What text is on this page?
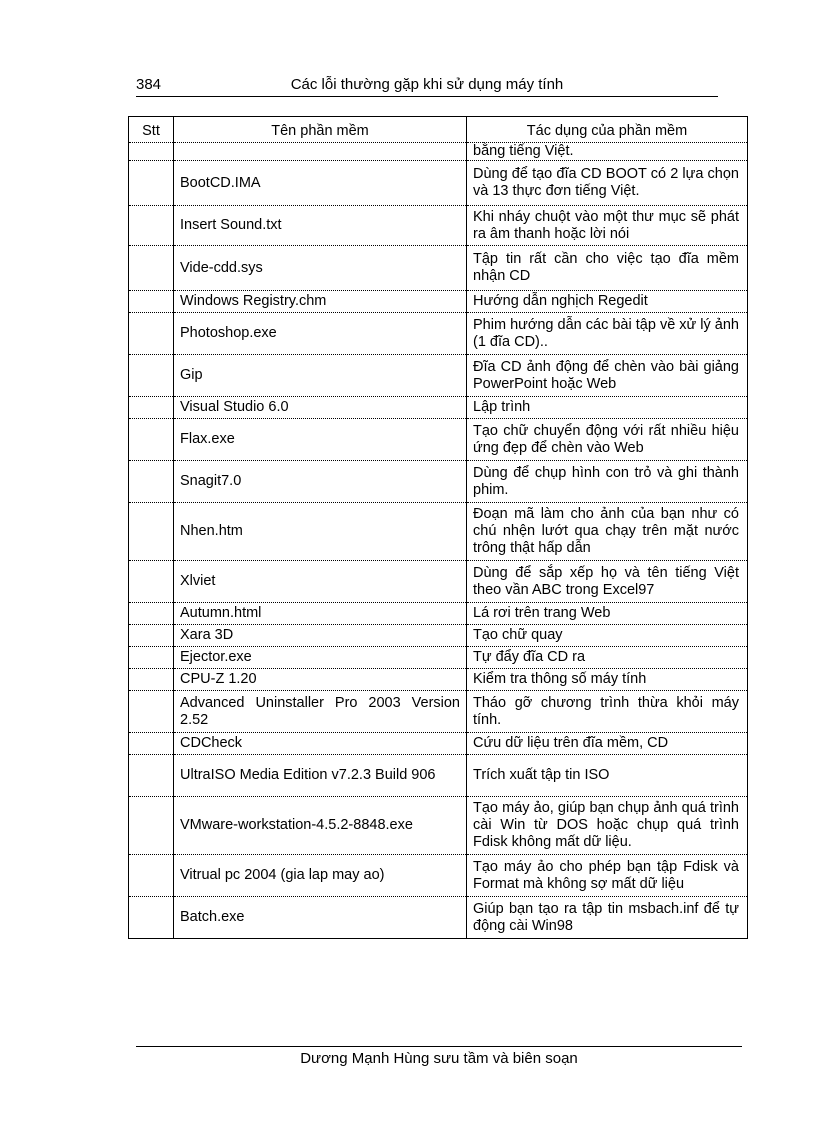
384	Các lỗi thường gặp khi sử dụng máy tính
Stt	Tên phần mềm	Tác dụng của phần mềm
		bằng tiếng Việt.
	BootCD.IMA	Dùng để tạo đĩa CD BOOT có 2 lựa chọn và 13 thực đơn tiếng Việt.
	Insert Sound.txt	Khi nháy chuột vào một thư mục sẽ phát ra âm thanh hoặc lời nói
	Vide-cdd.sys	Tập tin rất cần cho việc tạo đĩa mềm nhận CD
	Windows Registry.chm	Hướng dẫn nghịch Regedit
	Photoshop.exe	Phim hướng dẫn các bài tập về xử lý ảnh (1 đĩa CD)..
	Gip	Đĩa CD ảnh động để chèn vào bài giảng PowerPoint hoặc Web
	Visual Studio 6.0	Lập trình
	Flax.exe	Tạo chữ chuyển động với rất nhiều hiệu ứng đẹp để chèn vào Web
	Snagit7.0	Dùng để chụp hình con trỏ và ghi thành phim.
	Nhen.htm	Đoạn mã làm cho ảnh của bạn như có chú nhện lướt qua chạy trên mặt nước trông thật hấp dẫn
	Xlviet	Dùng để sắp xếp họ và tên tiếng Việt theo vần ABC trong Excel97
	Autumn.html	Lá rơi trên trang Web
	Xara 3D	Tạo chữ quay
	Ejector.exe	Tự đẩy đĩa CD ra
	CPU-Z 1.20	Kiểm tra thông số máy tính
	Advanced Uninstaller Pro 2003 Version 2.52	Tháo gỡ chương trình thừa khỏi máy tính.
	CDCheck	Cứu dữ liệu trên đĩa mềm, CD
	UltraISO Media Edition v7.2.3 Build 906	Trích xuất tập tin ISO
	VMware-workstation-4.5.2-8848.exe	Tạo máy ảo, giúp bạn chụp ảnh quá trình cài Win từ DOS hoặc chụp quá trình Fdisk không mất dữ liệu.
	Vitrual pc 2004 (gia lap may ao)	Tạo máy ảo cho phép bạn tập Fdisk và Format mà không sợ mất dữ liệu
	Batch.exe	Giúp bạn tạo ra tập tin msbach.inf để tự động cài Win98
Dương Mạnh Hùng sưu tầm và biên soạn
